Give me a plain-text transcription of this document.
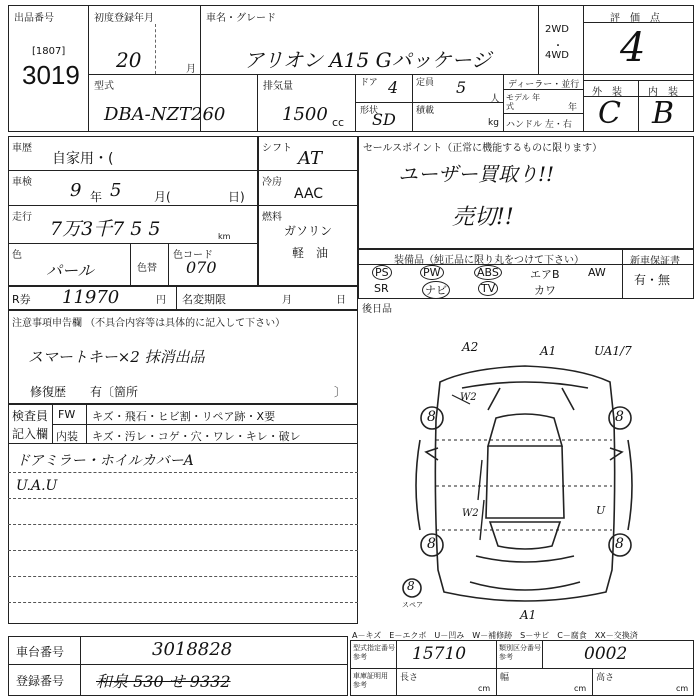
出品番号
[1807]
3019
初度登録年月
20	月
車名・グレード
アリオン A15 Gパッケージ
2WD
・
4WD
評　価　点
4
外　装	内　装
C B
型式
DBA-NZT260
排気量
1500 cc
ドア 4 定員 5
人
形状
SD 積載
kg
ディーラー・並行
モデル 年式	年
ハンドル 左・右
車歴
自家用・(
車検 9 年 5	月(	日)
走行
7万3千7 5 5	km
色
パール	色替
色コード
070
シフト AT
冷房
AAC
燃料
ガソリン
軽　油
セールスポイント（正常に機能するものに限ります）
ユーザー買取り!!
売切!!
装備品（純正品に限り丸をつけて下さい）	新車保証書
有・無
PS	PW	ABS	エアB	AW
SR	ナビ	TV	カワ
後日品
R券 11970	円 名変期限	月	日
注意事項申告欄 （不具合内容等は具体的に記入して下さい）
スマートキー×2 抹消出品
修復歴　　有〔箇所	〕
検査員
記入欄
FW キズ・飛石・ヒビ割・リペア跡・X要
内装 キズ・汚レ・コゲ・穴・ワレ・キレ・破レ
ドアミラー・ホイルカバーA
U.A.U
A2	A1	UA1/7
W2
W2	U
A1
8	8
8	8
8
スペア
A－キズ　E－エクボ　U－凹み　W－補修跡　S－サビ　C－腐食　XX－交換済
車台番号	3018828
登録番号 和泉 530 せ 9332
型式指定番号 参考	15710	類別区分番号 参考	0002
車庫証明用 参考
長さ
cm
幅
cm
高さ
cm
